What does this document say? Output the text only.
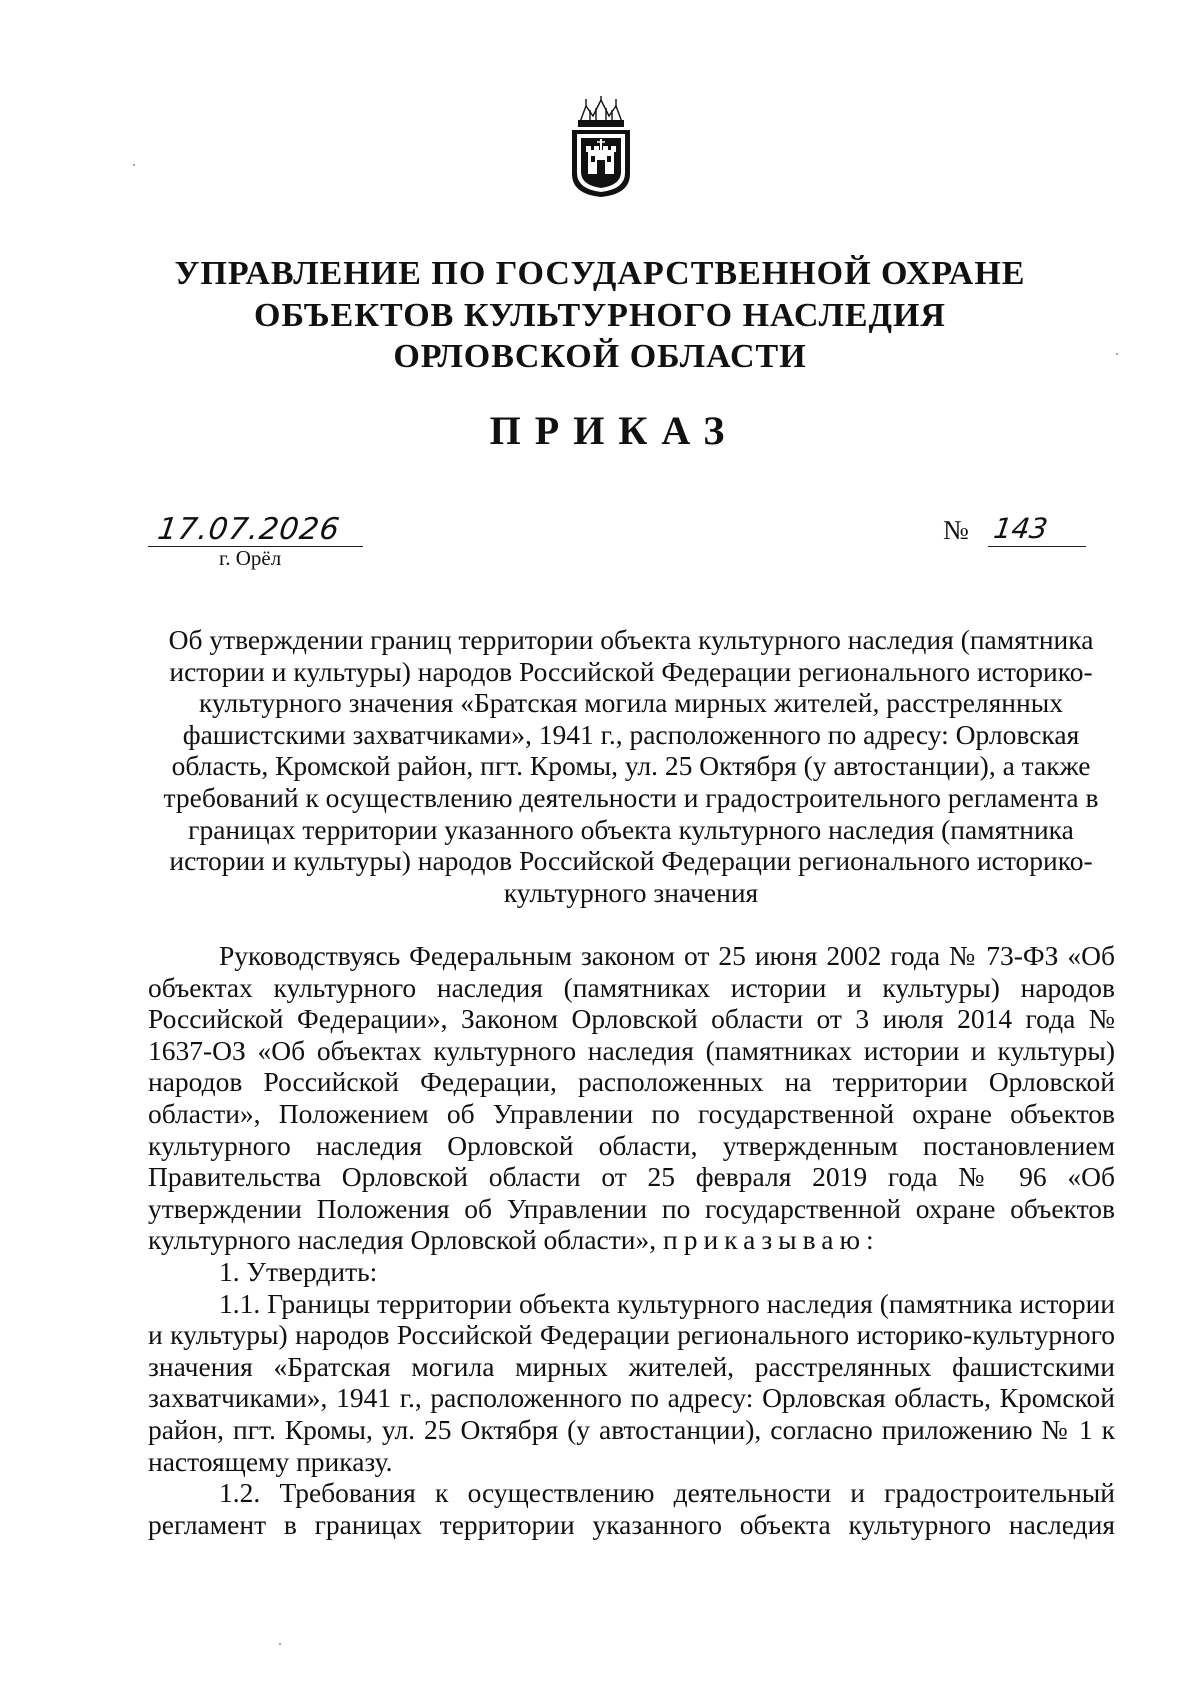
УПРАВЛЕНИЕ ПО ГОСУДАРСТВЕННОЙ ОХРАНЕ
ОБЪЕКТОВ КУЛЬТУРНОГО НАСЛЕДИЯ
ОРЛОВСКОЙ ОБЛАСТИ
ПРИКАЗ
17.07.2026
г. Орёл
№ 143
Об утверждении границ территории объекта культурного наследия (памятника истории и культуры) народов Российской Федерации регионального историко-культурного значения «Братская могила мирных жителей, расстрелянных фашистскими захватчиками», 1941 г., расположенного по адресу: Орловская область, Кромской район, пгт. Кромы, ул. 25 Октября (у автостанции), а также требований к осуществлению деятельности и градостроительного регламента в границах территории указанного объекта культурного наследия (памятника истории и культуры) народов Российской Федерации регионального историко-культурного значения

Руководствуясь Федеральным законом от 25 июня 2002 года № 73-ФЗ «Об объектах культурного наследия (памятниках истории и культуры) народов Российской Федерации», Законом Орловской области от 3 июля 2014 года № 1637-ОЗ «Об объектах культурного наследия (памятниках истории и культуры) народов Российской Федерации, расположенных на территории Орловской области», Положением об Управлении по государственной охране объектов культурного наследия Орловской области, утвержденным постановлением Правительства Орловской области от 25 февраля 2019 года № 96 «Об утверждении Положения об Управлении по государственной охране объектов культурного наследия Орловской области», приказываю:

1. Утвердить:

1.1. Границы территории объекта культурного наследия (памятника истории и культуры) народов Российской Федерации регионального историко-культурного значения «Братская могила мирных жителей, расстрелянных фашистскими захватчиками», 1941 г., расположенного по адресу: Орловская область, Кромской район, пгт. Кромы, ул. 25 Октября (у автостанции), согласно приложению № 1 к настоящему приказу.

1.2. Требования к осуществлению деятельности и градостроительный регламент в границах территории указанного объекта культурного наследия
